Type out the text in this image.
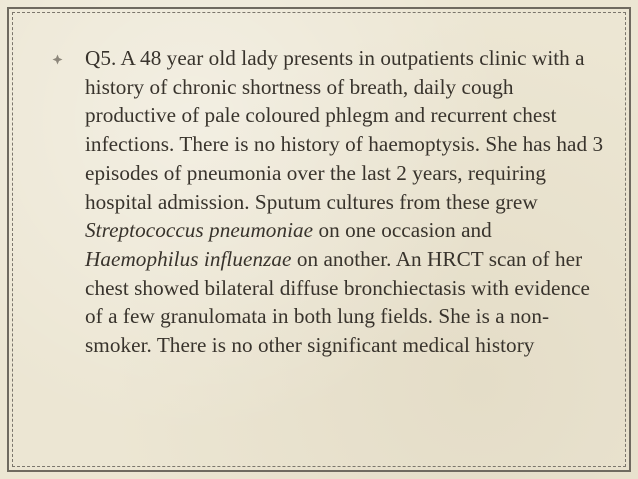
Q5. A 48 year old lady presents in outpatients clinic with a history of chronic shortness of breath, daily cough productive of pale coloured phlegm and recurrent chest infections. There is no history of haemoptysis. She has had 3 episodes of pneumonia over the last 2 years, requiring hospital admission. Sputum cultures from these grew Streptococcus pneumoniae on one occasion and Haemophilus influenzae on another. An HRCT scan of her chest showed bilateral diffuse bronchiectasis with evidence of a few granulomata in both lung fields. She is a non-smoker. There is no other significant medical history
